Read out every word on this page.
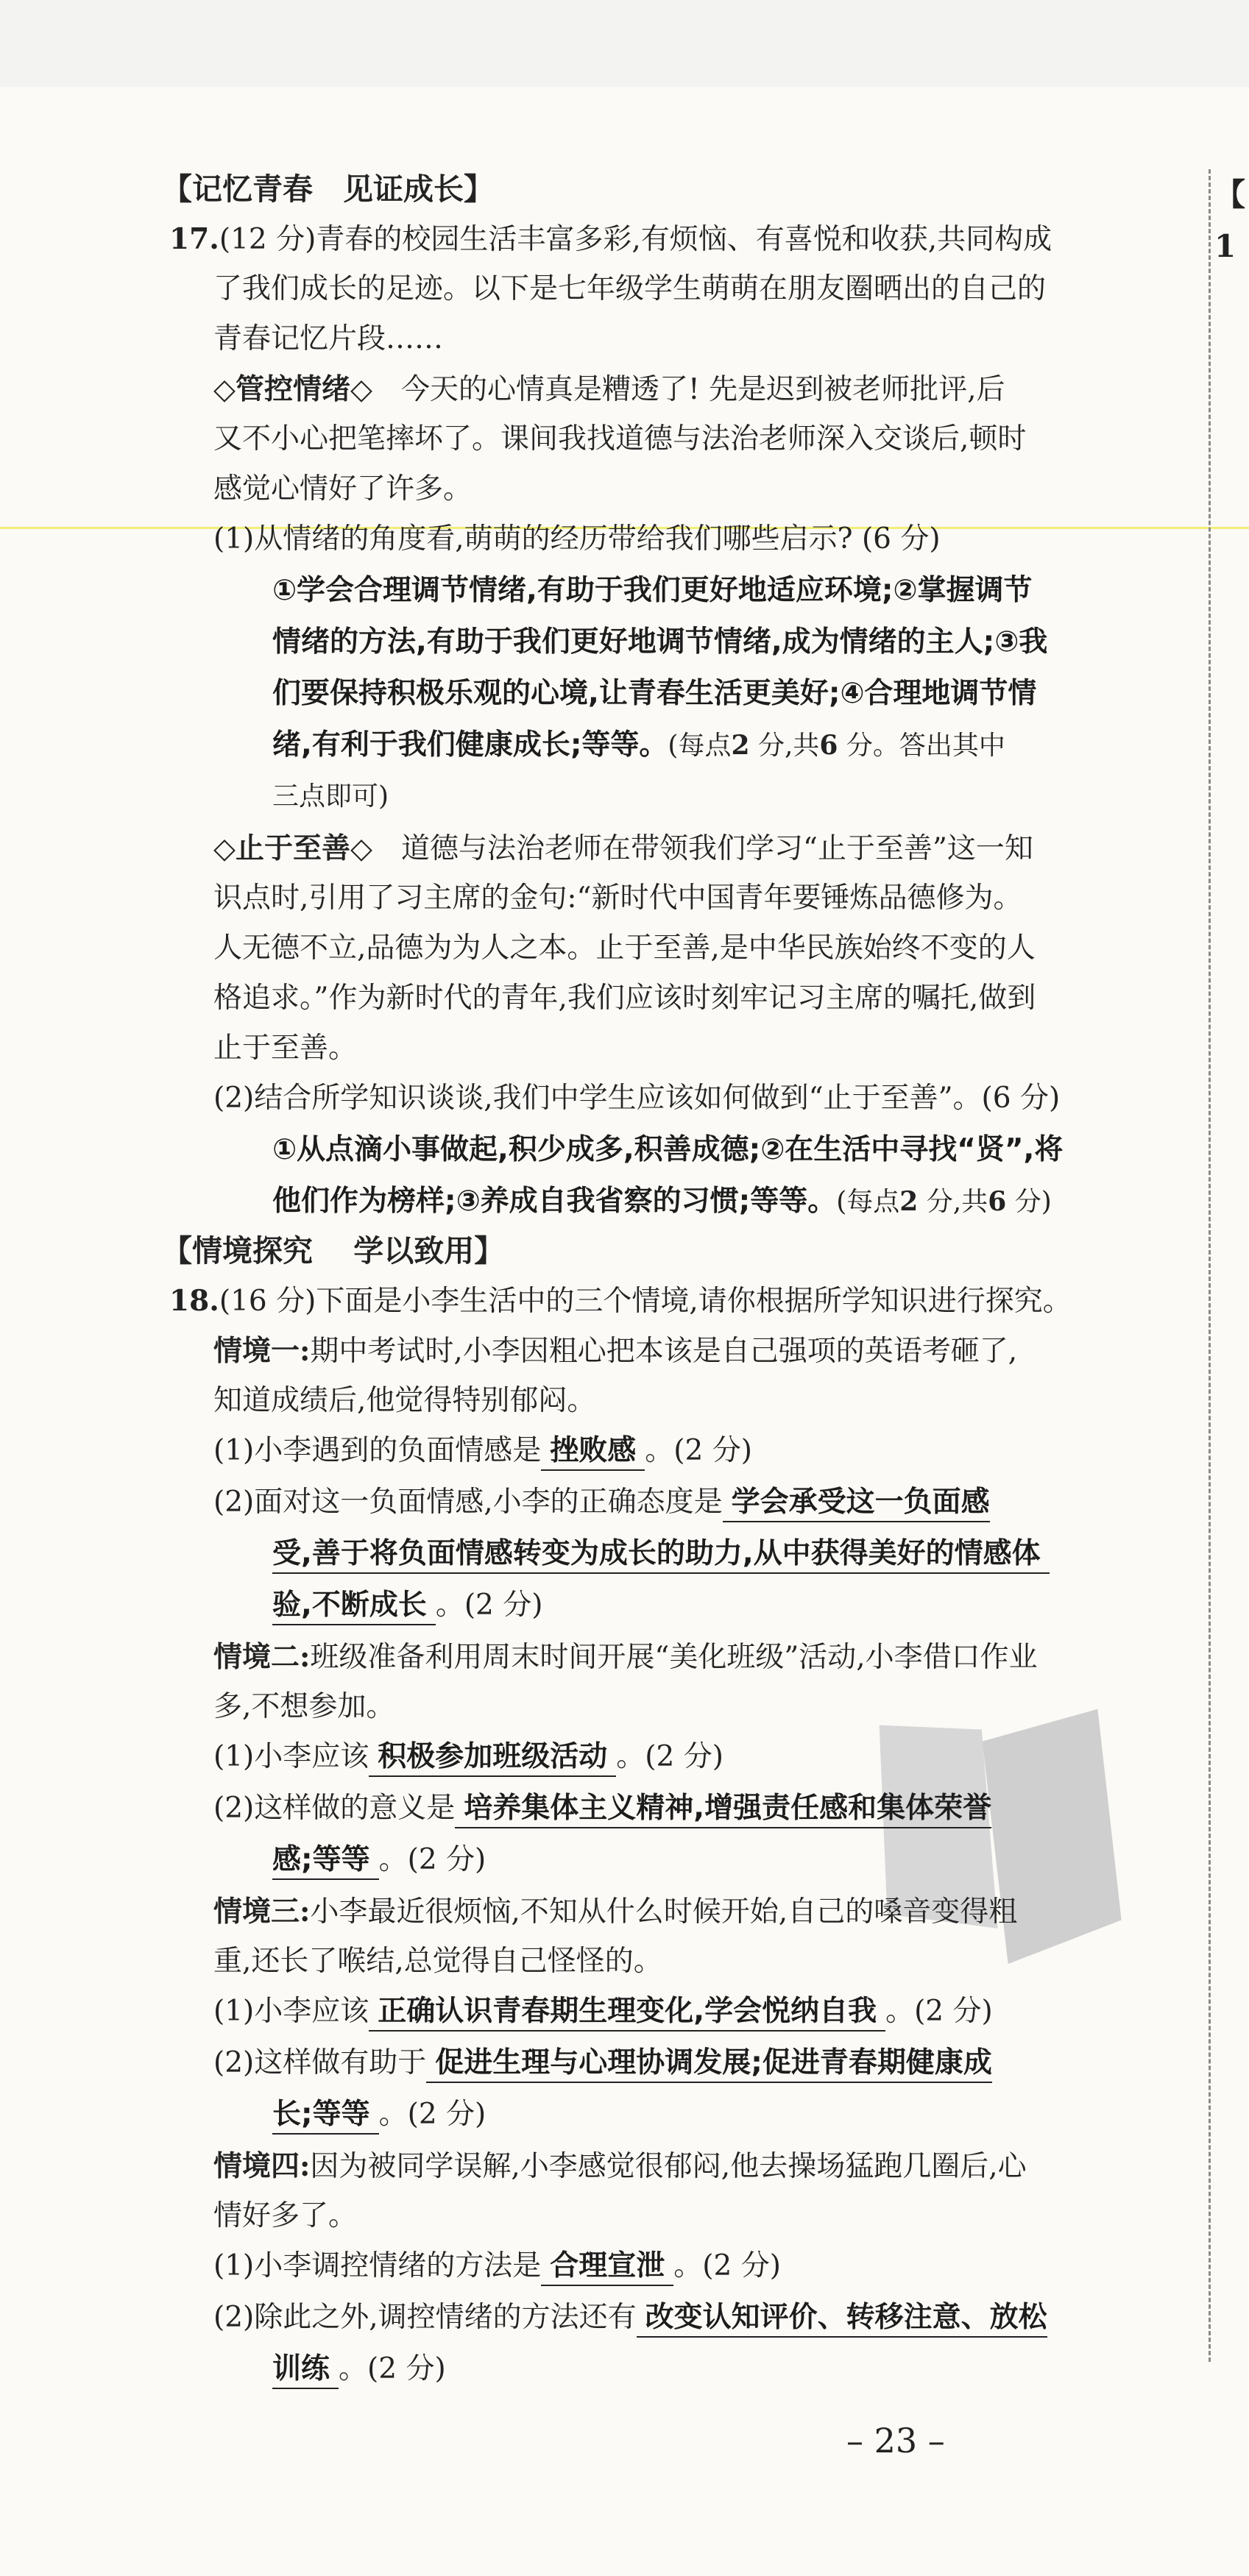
【
1
【记忆青春　见证成长】
17.(12 分)青春的校园生活丰富多彩,有烦恼、有喜悦和收获,共同构成
了我们成长的足迹。以下是七年级学生萌萌在朋友圈晒出的自己的
青春记忆片段……
◇管控情绪◇　今天的心情真是糟透了! 先是迟到被老师批评,后
又不小心把笔摔坏了。课间我找道德与法治老师深入交谈后,顿时
感觉心情好了许多。
(1)从情绪的角度看,萌萌的经历带给我们哪些启示? (6 分)
①学会合理调节情绪,有助于我们更好地适应环境;②掌握调节
情绪的方法,有助于我们更好地调节情绪,成为情绪的主人;③我
们要保持积极乐观的心境,让青春生活更美好;④合理地调节情
绪,有利于我们健康成长;等等。(每点2 分,共6 分。答出其中
三点即可)
◇止于至善◇　道德与法治老师在带领我们学习“止于至善”这一知
识点时,引用了习主席的金句:“新时代中国青年要锤炼品德修为。
人无德不立,品德为为人之本。止于至善,是中华民族始终不变的人
格追求。”作为新时代的青年,我们应该时刻牢记习主席的嘱托,做到
止于至善。
(2)结合所学知识谈谈,我们中学生应该如何做到“止于至善”。(6 分)
①从点滴小事做起,积少成多,积善成德;②在生活中寻找“贤”,将
他们作为榜样;③养成自我省察的习惯;等等。(每点2 分,共6 分)
【情境探究　 学以致用】
18.(16 分)下面是小李生活中的三个情境,请你根据所学知识进行探究。
情境一:期中考试时,小李因粗心把本该是自己强项的英语考砸了,
知道成绩后,他觉得特别郁闷。
(1)小李遇到的负面情感是 挫败感 。(2 分)
(2)面对这一负面情感,小李的正确态度是 学会承受这一负面感
受,善于将负面情感转变为成长的助力,从中获得美好的情感体
验,不断成长 。(2 分)
情境二:班级准备利用周末时间开展“美化班级”活动,小李借口作业
多,不想参加。
(1)小李应该 积极参加班级活动 。(2 分)
(2)这样做的意义是 培养集体主义精神,增强责任感和集体荣誉
感;等等 。(2 分)
情境三:小李最近很烦恼,不知从什么时候开始,自己的嗓音变得粗
重,还长了喉结,总觉得自己怪怪的。
(1)小李应该 正确认识青春期生理变化,学会悦纳自我 。(2 分)
(2)这样做有助于 促进生理与心理协调发展;促进青春期健康成
长;等等 。(2 分)
情境四:因为被同学误解,小李感觉很郁闷,他去操场猛跑几圈后,心
情好多了。
(1)小李调控情绪的方法是 合理宣泄 。(2 分)
(2)除此之外,调控情绪的方法还有 改变认知评价、转移注意、放松
训练 。(2 分)
– 23 –
